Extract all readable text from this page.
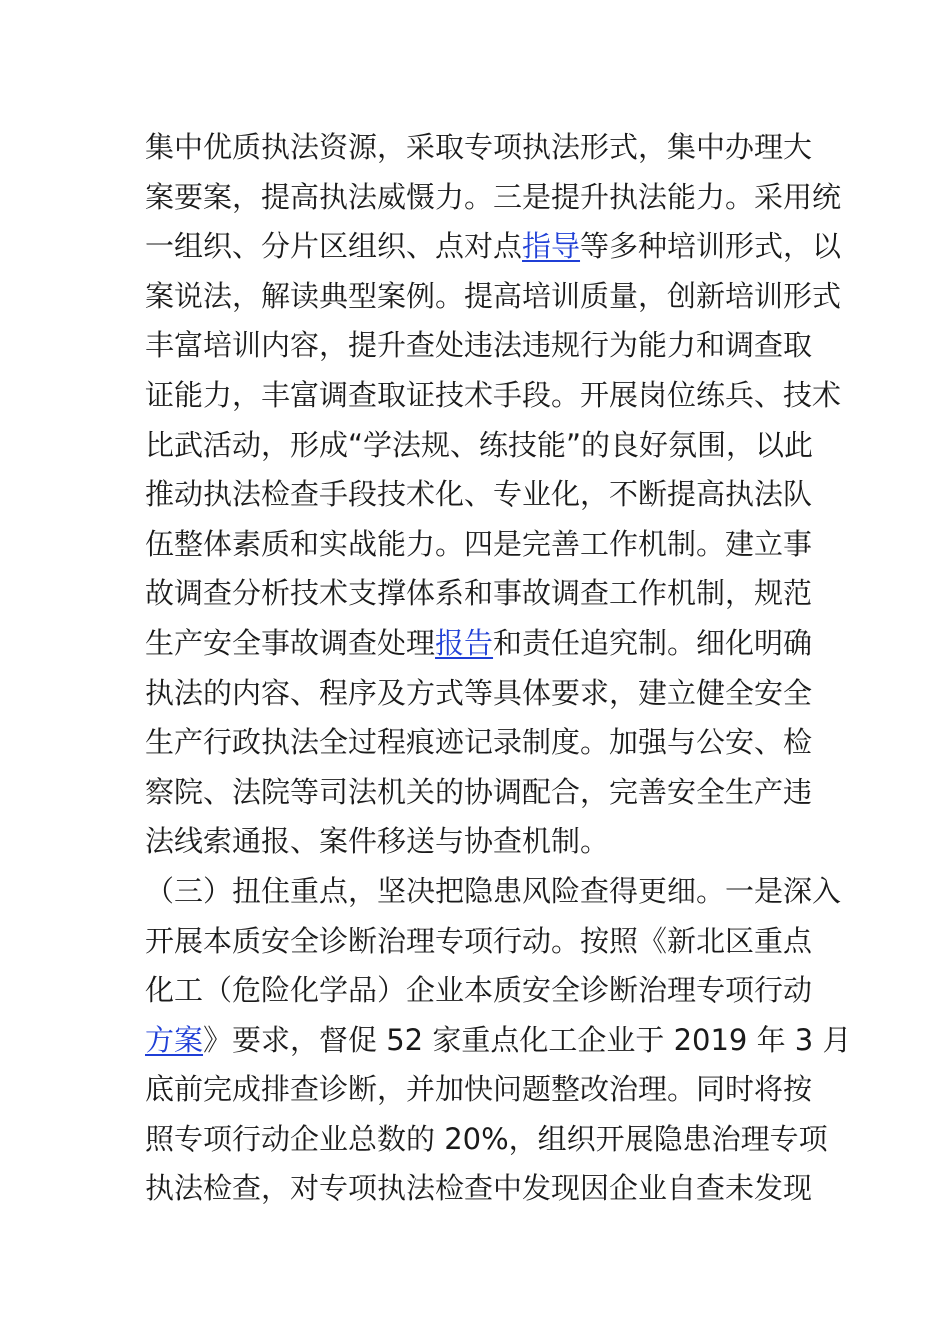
集中优质执法资源，采取专项执法形式，集中办理大
案要案，提高执法威慑力。三是提升执法能力。采用统
一组织、分片区组织、点对点指导等多种培训形式，以
案说法，解读典型案例。提高培训质量，创新培训形式
丰富培训内容，提升查处违法违规行为能力和调查取
证能力，丰富调查取证技术手段。开展岗位练兵、技术
比武活动，形成“学法规、练技能”的良好氛围，以此
推动执法检查手段技术化、专业化，不断提高执法队
伍整体素质和实战能力。四是完善工作机制。建立事
故调查分析技术支撑体系和事故调查工作机制，规范
生产安全事故调查处理报告和责任追究制。细化明确
执法的内容、程序及方式等具体要求，建立健全安全
生产行政执法全过程痕迹记录制度。加强与公安、检
察院、法院等司法机关的协调配合，完善安全生产违
法线索通报、案件移送与协查机制。
（三）扭住重点，坚决把隐患风险查得更细。一是深入
开展本质安全诊断治理专项行动。按照《新北区重点
化工（危险化学品）企业本质安全诊断治理专项行动
方案》要求，督促 52 家重点化工企业于 2019 年 3 月
底前完成排查诊断，并加快问题整改治理。同时将按
照专项行动企业总数的 20%，组织开展隐患治理专项
执法检查，对专项执法检查中发现因企业自查未发现
